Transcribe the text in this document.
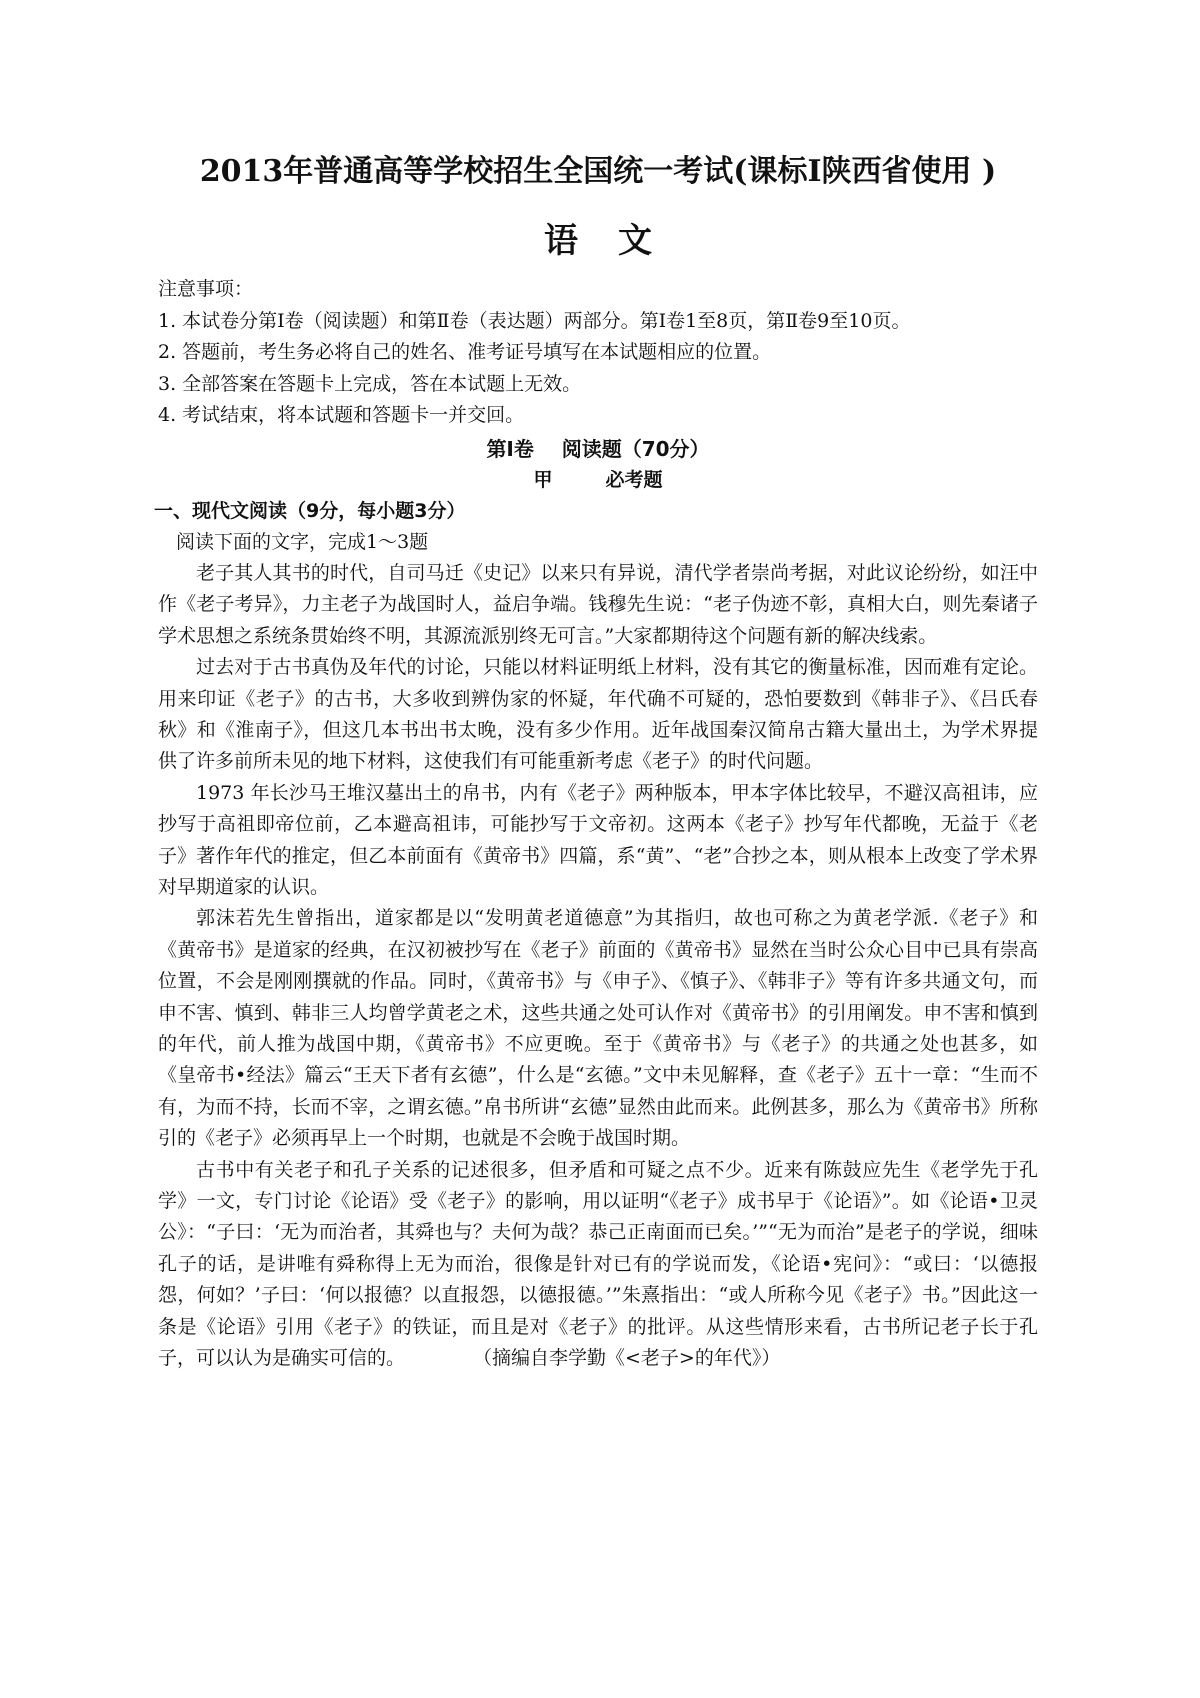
2013年普通高等学校招生全国统一考试(课标Ⅰ陕西省使用 )
语文

注意事项：

1. 本试卷分第Ⅰ卷（阅读题）和第Ⅱ卷（表达题）两部分。第Ⅰ卷1至8页，第Ⅱ卷9至10页。

2. 答题前，考生务必将自己的姓名、准考证号填写在本试题相应的位置。

3. 全部答案在答题卡上完成，答在本试题上无效。

4. 考试结束，将本试题和答题卡一并交回。

第Ⅰ卷    阅读题（70分）

甲        必考题

一、现代文阅读（9分，每小题3分）

阅读下面的文字，完成1～3题

老子其人其书的时代，自司马迁《史记》以来只有异说，清代学者崇尚考据，对此议论纷纷，如汪中作《老子考异》，力主老子为战国时人，益启争端。钱穆先生说：“老子伪迹不彰，真相大白，则先秦诸子学术思想之系统条贯始终不明，其源流派别终无可言。”大家都期待这个问题有新的解决线索。

过去对于古书真伪及年代的讨论，只能以材料证明纸上材料，没有其它的衡量标准，因而难有定论。用来印证《老子》的古书，大多收到辨伪家的怀疑，年代确不可疑的，恐怕要数到《韩非子》、《吕氏春秋》和《淮南子》，但这几本书出书太晚，没有多少作用。近年战国秦汉简帛古籍大量出土，为学术界提供了许多前所未见的地下材料，这使我们有可能重新考虑《老子》的时代问题。

1973 年长沙马王堆汉墓出土的帛书，内有《老子》两种版本，甲本字体比较早，不避汉高祖讳，应抄写于高祖即帝位前，乙本避高祖讳，可能抄写于文帝初。这两本《老子》抄写年代都晚，无益于《老子》著作年代的推定，但乙本前面有《黄帝书》四篇，系“黄”、“老”合抄之本，则从根本上改变了学术界对早期道家的认识。

郭沫若先生曾指出，道家都是以“发明黄老道德意”为其指归，故也可称之为黄老学派.《老子》和《黄帝书》是道家的经典，在汉初被抄写在《老子》前面的《黄帝书》显然在当时公众心目中已具有崇高位置，不会是刚刚撰就的作品。同时，《黄帝书》与《申子》、《慎子》、《韩非子》等有许多共通文句，而申不害、慎到、韩非三人均曾学黄老之术，这些共通之处可认作对《黄帝书》的引用阐发。申不害和慎到的年代，前人推为战国中期，《黄帝书》不应更晚。至于《黄帝书》与《老子》的共通之处也甚多，如《皇帝书•经法》篇云“王天下者有玄德”，什么是“玄德。”文中未见解释，查《老子》五十一章：“生而不有，为而不持，长而不宰，之谓玄德。”帛书所讲“玄德”显然由此而来。此例甚多，那么为《黄帝书》所称引的《老子》必须再早上一个时期，也就是不会晚于战国时期。

古书中有关老子和孔子关系的记述很多，但矛盾和可疑之点不少。近来有陈鼓应先生《老学先于孔学》一文，专门讨论《论语》受《老子》的影响，用以证明“《老子》成书早于《论语》”。如《论语•卫灵公》：“子曰：‘无为而治者，其舜也与？夫何为哉？恭己正南面而已矣。’”“无为而治”是老子的学说，细味孔子的话，是讲唯有舜称得上无为而治，很像是针对已有的学说而发，《论语•宪问》：“或曰：‘以德报怨，何如？’子曰：‘何以报德？以直报怨，以德报德。’”朱熹指出：“或人所称今见《老子》书。”因此这一条是《论语》引用《老子》的铁证，而且是对《老子》的批评。从这些情形来看，古书所记老子长于孔子，可以认为是确实可信的。	（摘编自李学勤《<老子>的年代》）
